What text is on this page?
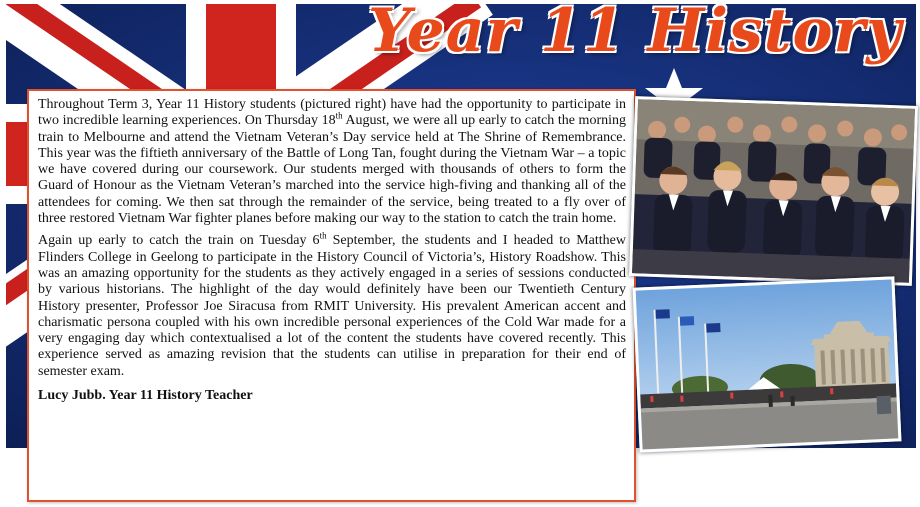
Year 11 History

Throughout Term 3, Year 11 History students (pictured right) have had the opportunity to participate in two incredible learning experiences. On Thursday 18th August, we were all up early to catch the morning train to Melbourne and attend the Vietnam Veteran’s Day service held at The Shrine of Remembrance. This year was the fiftieth anniversary of the Battle of Long Tan, fought during the Vietnam War – a topic we have covered during our coursework. Our students merged with thousands of others to form the Guard of Honour as the Vietnam Veteran’s marched into the service high-fiving and thanking all of the attendees for coming. We then sat through the remainder of the service, being treated to a fly over of three restored Vietnam War fighter planes before making our way to the station to catch the train home.

Again up early to catch the train on Tuesday 6th September, the students and I headed to Matthew Flinders College in Geelong to participate in the History Council of Victoria’s, History Roadshow. This was an amazing opportunity for the students as they actively engaged in a series of sessions conducted by various historians. The highlight of the day would definitely have been our Twentieth Century History presenter, Professor Joe Siracusa from RMIT University. His prevalent American accent and charismatic persona coupled with his own incredible personal experiences of the Cold War made for a very engaging day which contextualised a lot of the content the students have covered recently. This experience served as amazing revision that the students can utilise in preparation for their end of semester exam.

Lucy Jubb. Year 11 History Teacher
